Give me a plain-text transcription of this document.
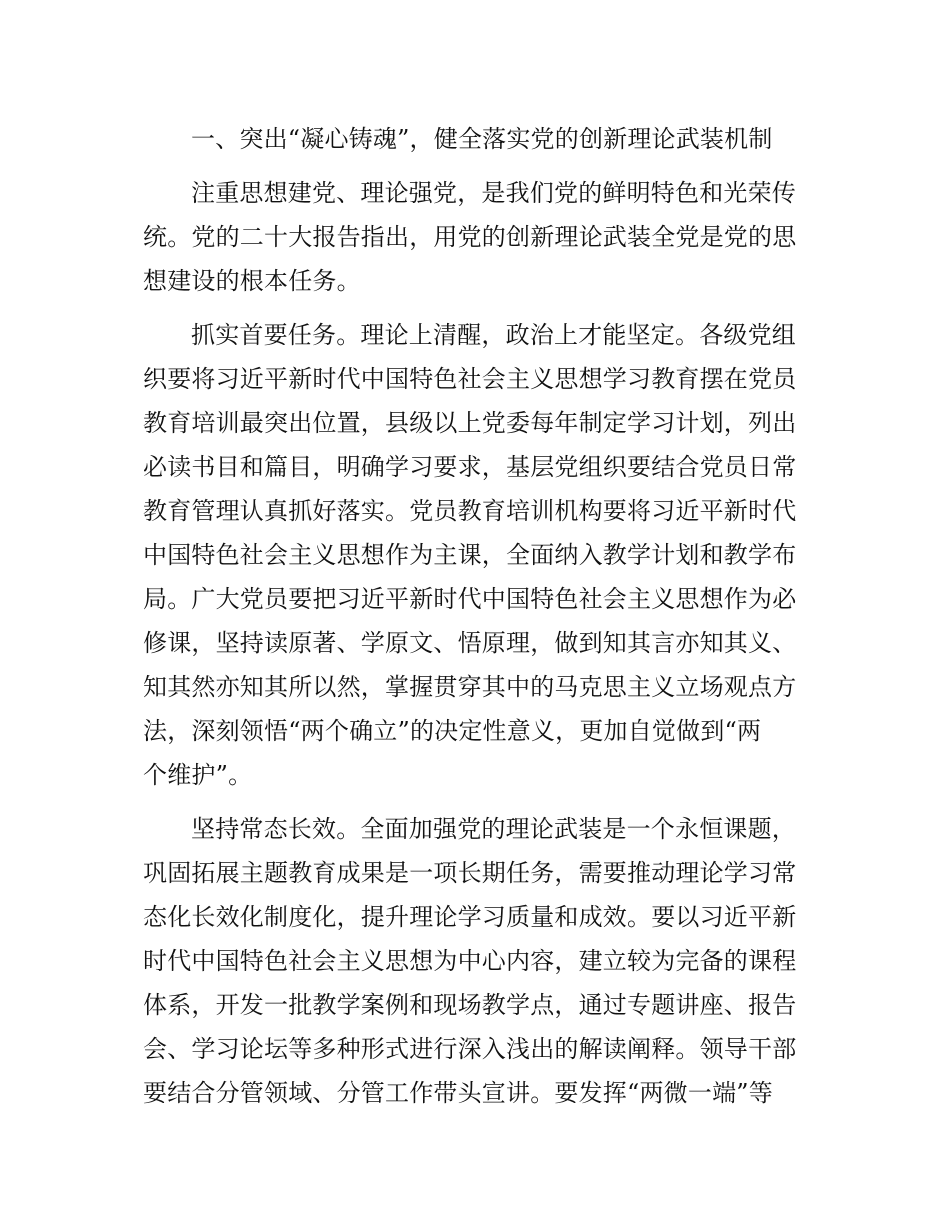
一、突出“凝心铸魂”，健全落实党的创新理论武装机制
注重思想建党、理论强党，是我们党的鲜明特色和光荣传
统。党的二十大报告指出，用党的创新理论武装全党是党的思
想建设的根本任务。
抓实首要任务。理论上清醒，政治上才能坚定。各级党组
织要将习近平新时代中国特色社会主义思想学习教育摆在党员
教育培训最突出位置，县级以上党委每年制定学习计划，列出
必读书目和篇目，明确学习要求，基层党组织要结合党员日常
教育管理认真抓好落实。党员教育培训机构要将习近平新时代
中国特色社会主义思想作为主课，全面纳入教学计划和教学布
局。广大党员要把习近平新时代中国特色社会主义思想作为必
修课，坚持读原著、学原文、悟原理，做到知其言亦知其义、
知其然亦知其所以然，掌握贯穿其中的马克思主义立场观点方
法，深刻领悟“两个确立”的决定性意义，更加自觉做到“两
个维护”。
坚持常态长效。全面加强党的理论武装是一个永恒课题，
巩固拓展主题教育成果是一项长期任务，需要推动理论学习常
态化长效化制度化，提升理论学习质量和成效。要以习近平新
时代中国特色社会主义思想为中心内容，建立较为完备的课程
体系，开发一批教学案例和现场教学点，通过专题讲座、报告
会、学习论坛等多种形式进行深入浅出的解读阐释。领导干部
要结合分管领域、分管工作带头宣讲。要发挥“两微一端”等
